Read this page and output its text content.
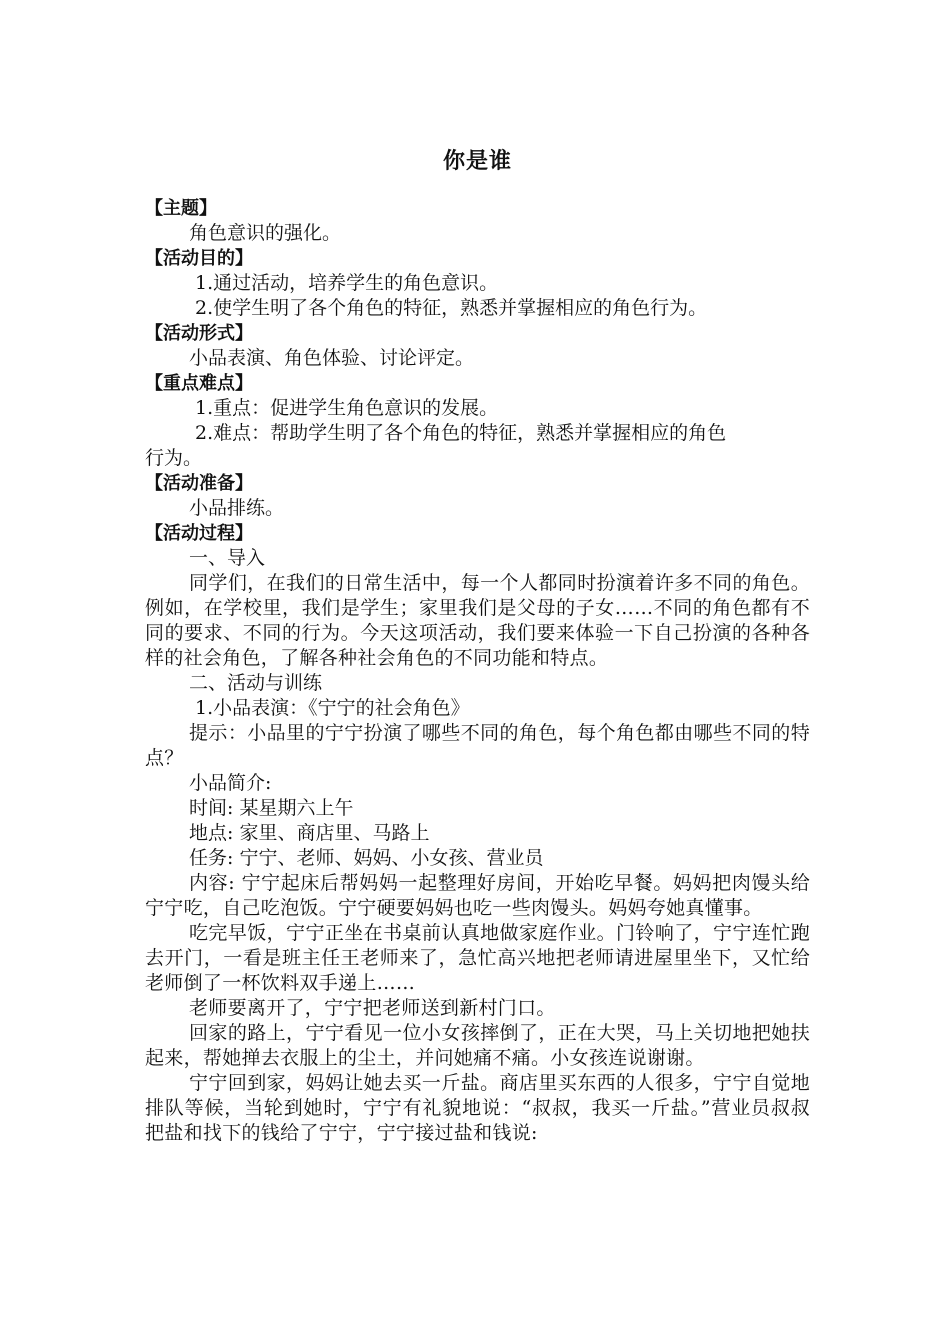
你是谁
【主题】
角色意识的强化。
【活动目的】
1.通过活动，培养学生的角色意识。
2.使学生明了各个角色的特征，熟悉并掌握相应的角色行为。
【活动形式】
小品表演、角色体验、讨论评定。
【重点难点】
1.重点：促进学生角色意识的发展。
2.难点：帮助学生明了各个角色的特征，熟悉并掌握相应的角色
行为。
【活动准备】
小品排练。
【活动过程】
一、导入

同学们，在我们的日常生活中，每一个人都同时扮演着许多不同的角色。例如，在学校里，我们是学生；家里我们是父母的子女……不同的角色都有不同的要求、不同的行为。今天这项活动，我们要来体验一下自己扮演的各种各样的社会角色，了解各种社会角色的不同功能和特点。

二、活动与训练
1.小品表演：《宁宁的社会角色》

提示：小品里的宁宁扮演了哪些不同的角色，每个角色都由哪些不同的特点？

小品简介:
时间: 某星期六上午
地点: 家里、商店里、马路上
任务: 宁宁、老师、妈妈、小女孩、营业员

内容: 宁宁起床后帮妈妈一起整理好房间，开始吃早餐。妈妈把肉馒头给宁宁吃，自己吃泡饭。宁宁硬要妈妈也吃一些肉馒头。妈妈夸她真懂事。

吃完早饭，宁宁正坐在书桌前认真地做家庭作业。门铃响了，宁宁连忙跑去开门，一看是班主任王老师来了，急忙高兴地把老师请进屋里坐下，又忙给老师倒了一杯饮料双手递上……

老师要离开了，宁宁把老师送到新村门口。

回家的路上，宁宁看见一位小女孩摔倒了，正在大哭，马上关切地把她扶起来，帮她掸去衣服上的尘土，并问她痛不痛。小女孩连说谢谢。

宁宁回到家，妈妈让她去买一斤盐。商店里买东西的人很多，宁宁自觉地排队等候，当轮到她时，宁宁有礼貌地说：“叔叔，我买一斤盐。”营业员叔叔把盐和找下的钱给了宁宁，宁宁接过盐和钱说:
